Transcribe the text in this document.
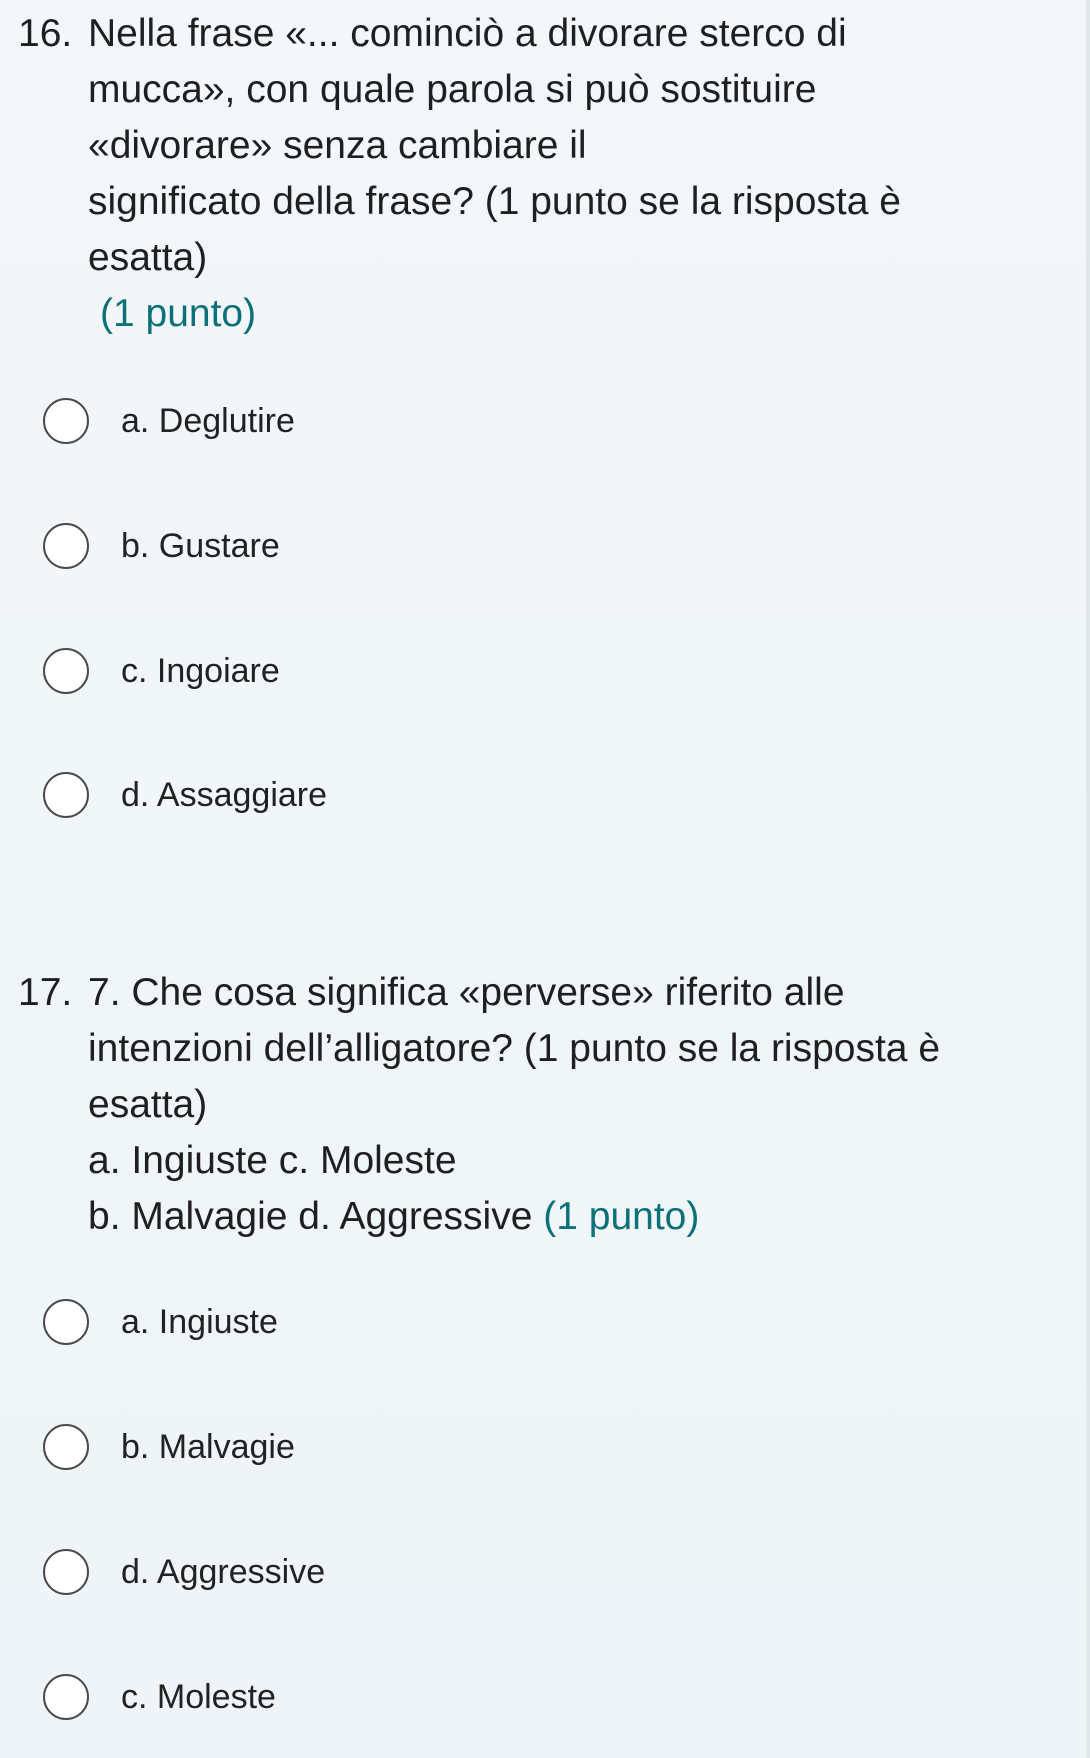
16. Nella frase «... cominciò a divorare sterco di
mucca», con quale parola si può sostituire
«divorare» senza cambiare il
significato della frase? (1 punto se la risposta è
esatta)
(1 punto)
a. Deglutire
b. Gustare
c. Ingoiare
d. Assaggiare
17. 7. Che cosa significa «perverse» riferito alle
intenzioni dell’alligatore? (1 punto se la risposta è
esatta)
a. Ingiuste c. Moleste
b. Malvagie d. Aggressive (1 punto)
a. Ingiuste
b. Malvagie
d. Aggressive
c. Moleste
